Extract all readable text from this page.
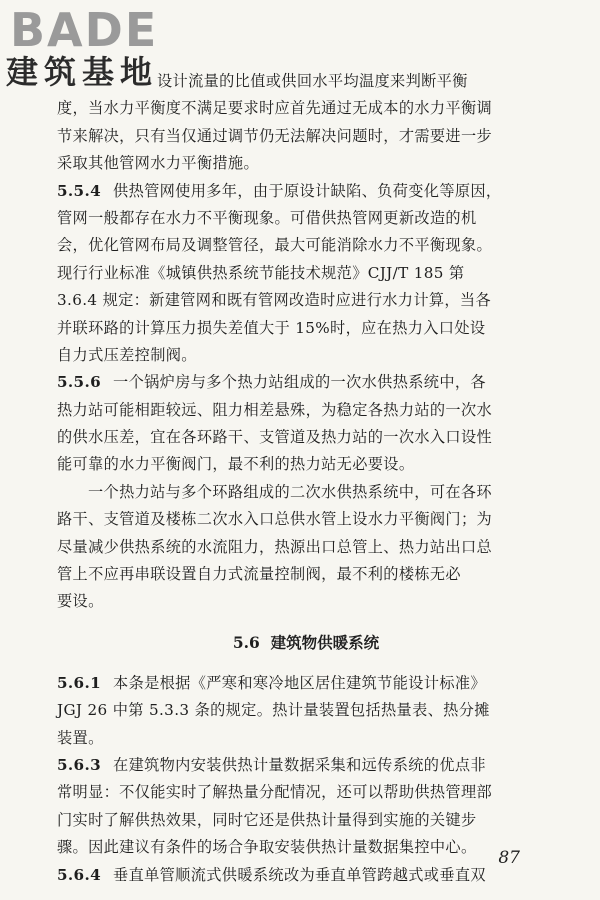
BADE
建筑基地
设计流量的比值或供回水平均温度来判断平衡
度，当水力平衡度不满足要求时应首先通过无成本的水力平衡调
节来解决，只有当仅通过调节仍无法解决问题时，才需要进一步
采取其他管网水力平衡措施。
5.5.4 供热管网使用多年，由于原设计缺陷、负荷变化等原因，
管网一般都存在水力不平衡现象。可借供热管网更新改造的机
会，优化管网布局及调整管径，最大可能消除水力不平衡现象。
现行行业标准《城镇供热系统节能技术规范》CJJ/T 185 第
3.6.4 规定：新建管网和既有管网改造时应进行水力计算，当各
并联环路的计算压力损失差值大于 15%时，应在热力入口处设
自力式压差控制阀。
5.5.6 一个锅炉房与多个热力站组成的一次水供热系统中，各
热力站可能相距较远、阻力相差悬殊，为稳定各热力站的一次水
的供水压差，宜在各环路干、支管道及热力站的一次水入口设性
能可靠的水力平衡阀门，最不利的热力站无必要设。
一个热力站与多个环路组成的二次水供热系统中，可在各环
路干、支管道及楼栋二次水入口总供水管上设水力平衡阀门；为
尽量减少供热系统的水流阻力，热源出口总管上、热力站出口总
管上不应再串联设置自力式流量控制阀，最不利的楼栋无必
要设。
5.6 建筑物供暖系统
5.6.1 本条是根据《严寒和寒冷地区居住建筑节能设计标准》
JGJ 26 中第 5.3.3 条的规定。热计量装置包括热量表、热分摊
装置。
5.6.3 在建筑物内安装供热计量数据采集和远传系统的优点非
常明显：不仅能实时了解热量分配情况，还可以帮助供热管理部
门实时了解供热效果，同时它还是供热计量得到实施的关键步
骤。因此建议有条件的场合争取安装供热计量数据集控中心。
5.6.4 垂直单管顺流式供暖系统改为垂直单管跨越式或垂直双
87
